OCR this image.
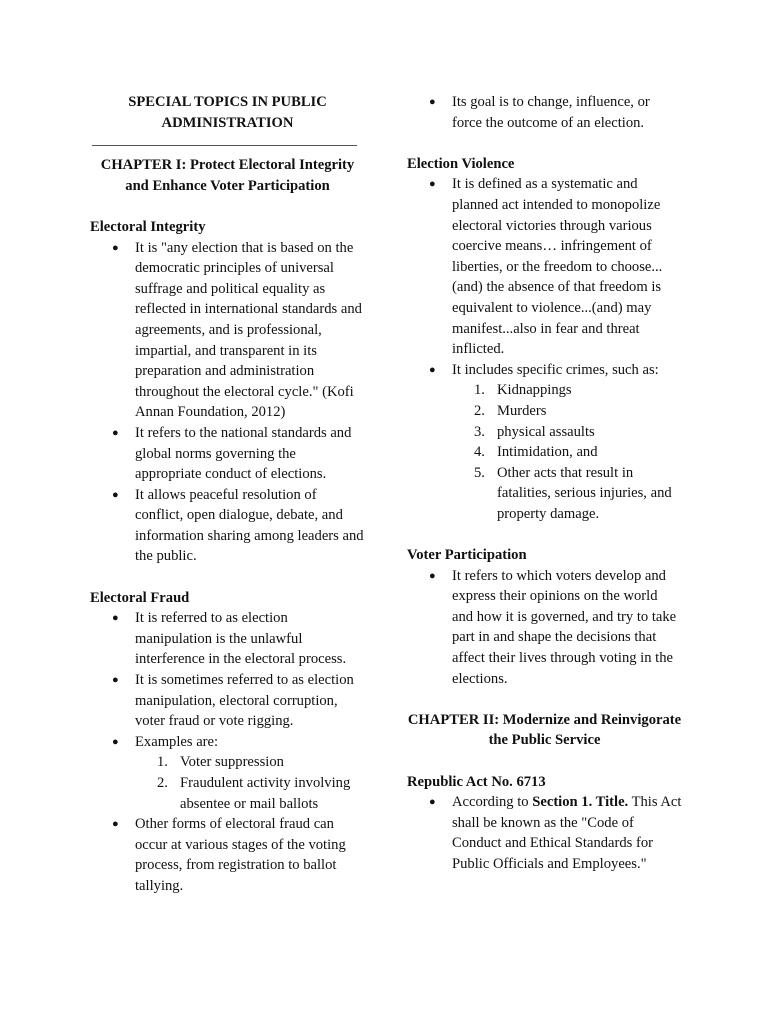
SPECIAL TOPICS IN PUBLIC ADMINISTRATION

CHAPTER I: Protect Electoral Integrity and Enhance Voter Participation

Electoral Integrity

● It is "any election that is based on the democratic principles of universal suffrage and political equality as reflected in international standards and agreements, and is professional, impartial, and transparent in its preparation and administration throughout the electoral cycle." (Kofi Annan Foundation, 2012)
● It refers to the national standards and global norms governing the appropriate conduct of elections.
● It allows peaceful resolution of conflict, open dialogue, debate, and information sharing among leaders and the public.

Electoral Fraud

● It is referred to as election manipulation is the unlawful interference in the electoral process.
● It is sometimes referred to as election manipulation, electoral corruption, voter fraud or vote rigging.
● Examples are:
1. Voter suppression
2. Fraudulent activity involving absentee or mail ballots
● Other forms of electoral fraud can occur at various stages of the voting process, from registration to ballot tallying.
● Its goal is to change, influence, or force the outcome of an election.

Election Violence

● It is defined as a systematic and planned act intended to monopolize electoral victories through various coercive means… infringement of liberties, or the freedom to choose...(and) the absence of that freedom is equivalent to violence...(and) may manifest...also in fear and threat inflicted.
● It includes specific crimes, such as:
1. Kidnappings
2. Murders
3. physical assaults
4. Intimidation, and
5. Other acts that result in fatalities, serious injuries, and property damage.

Voter Participation

● It refers to which voters develop and express their opinions on the world and how it is governed, and try to take part in and shape the decisions that affect their lives through voting in the elections.

CHAPTER II: Modernize and Reinvigorate the Public Service

Republic Act No. 6713

● According to Section 1. Title. This Act shall be known as the "Code of Conduct and Ethical Standards for Public Officials and Employees."
